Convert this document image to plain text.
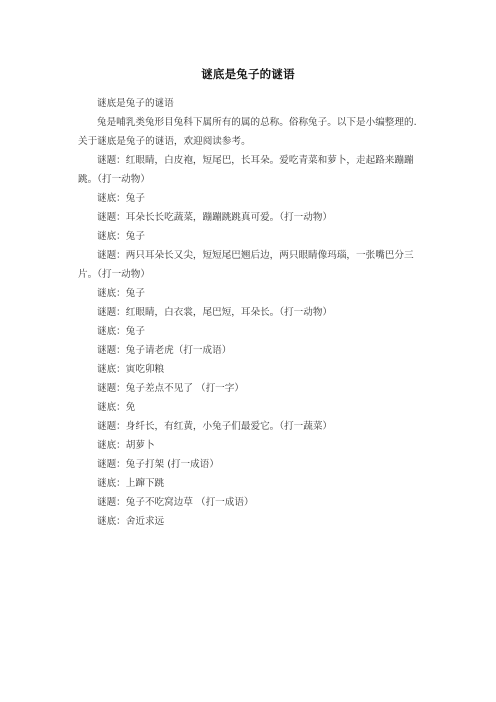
谜底是兔子的谜语

谜底是兔子的谜语

兔是哺乳类兔形目兔科下属所有的属的总称。俗称兔子。以下是小编整理的.关于谜底是兔子的谜语，欢迎阅读参考。

谜题：红眼睛，白皮袍，短尾巴，长耳朵。爱吃青菜和萝卜，走起路来蹦蹦跳。（打一动物）

谜底：兔子

谜题：耳朵长长吃蔬菜，蹦蹦跳跳真可爱。（打一动物）

谜底：兔子

谜题：两只耳朵长又尖，短短尾巴翘后边，两只眼睛像玛瑙，一张嘴巴分三片。（打一动物）

谜底：兔子

谜题：红眼睛，白衣裳，尾巴短，耳朵长。（打一动物）

谜底：兔子

谜题：兔子请老虎（打一成语）

谜底：寅吃卯粮

谜题：兔子差点不见了 （打一字）

谜底：免

谜题：身纤长，有红黄，小兔子们最爱它。（打一蔬菜）

谜底：胡萝卜

谜题：兔子打架 (打一成语）

谜底：上蹿下跳

谜题：兔子不吃窝边草 （打一成语）

谜底：舍近求远
